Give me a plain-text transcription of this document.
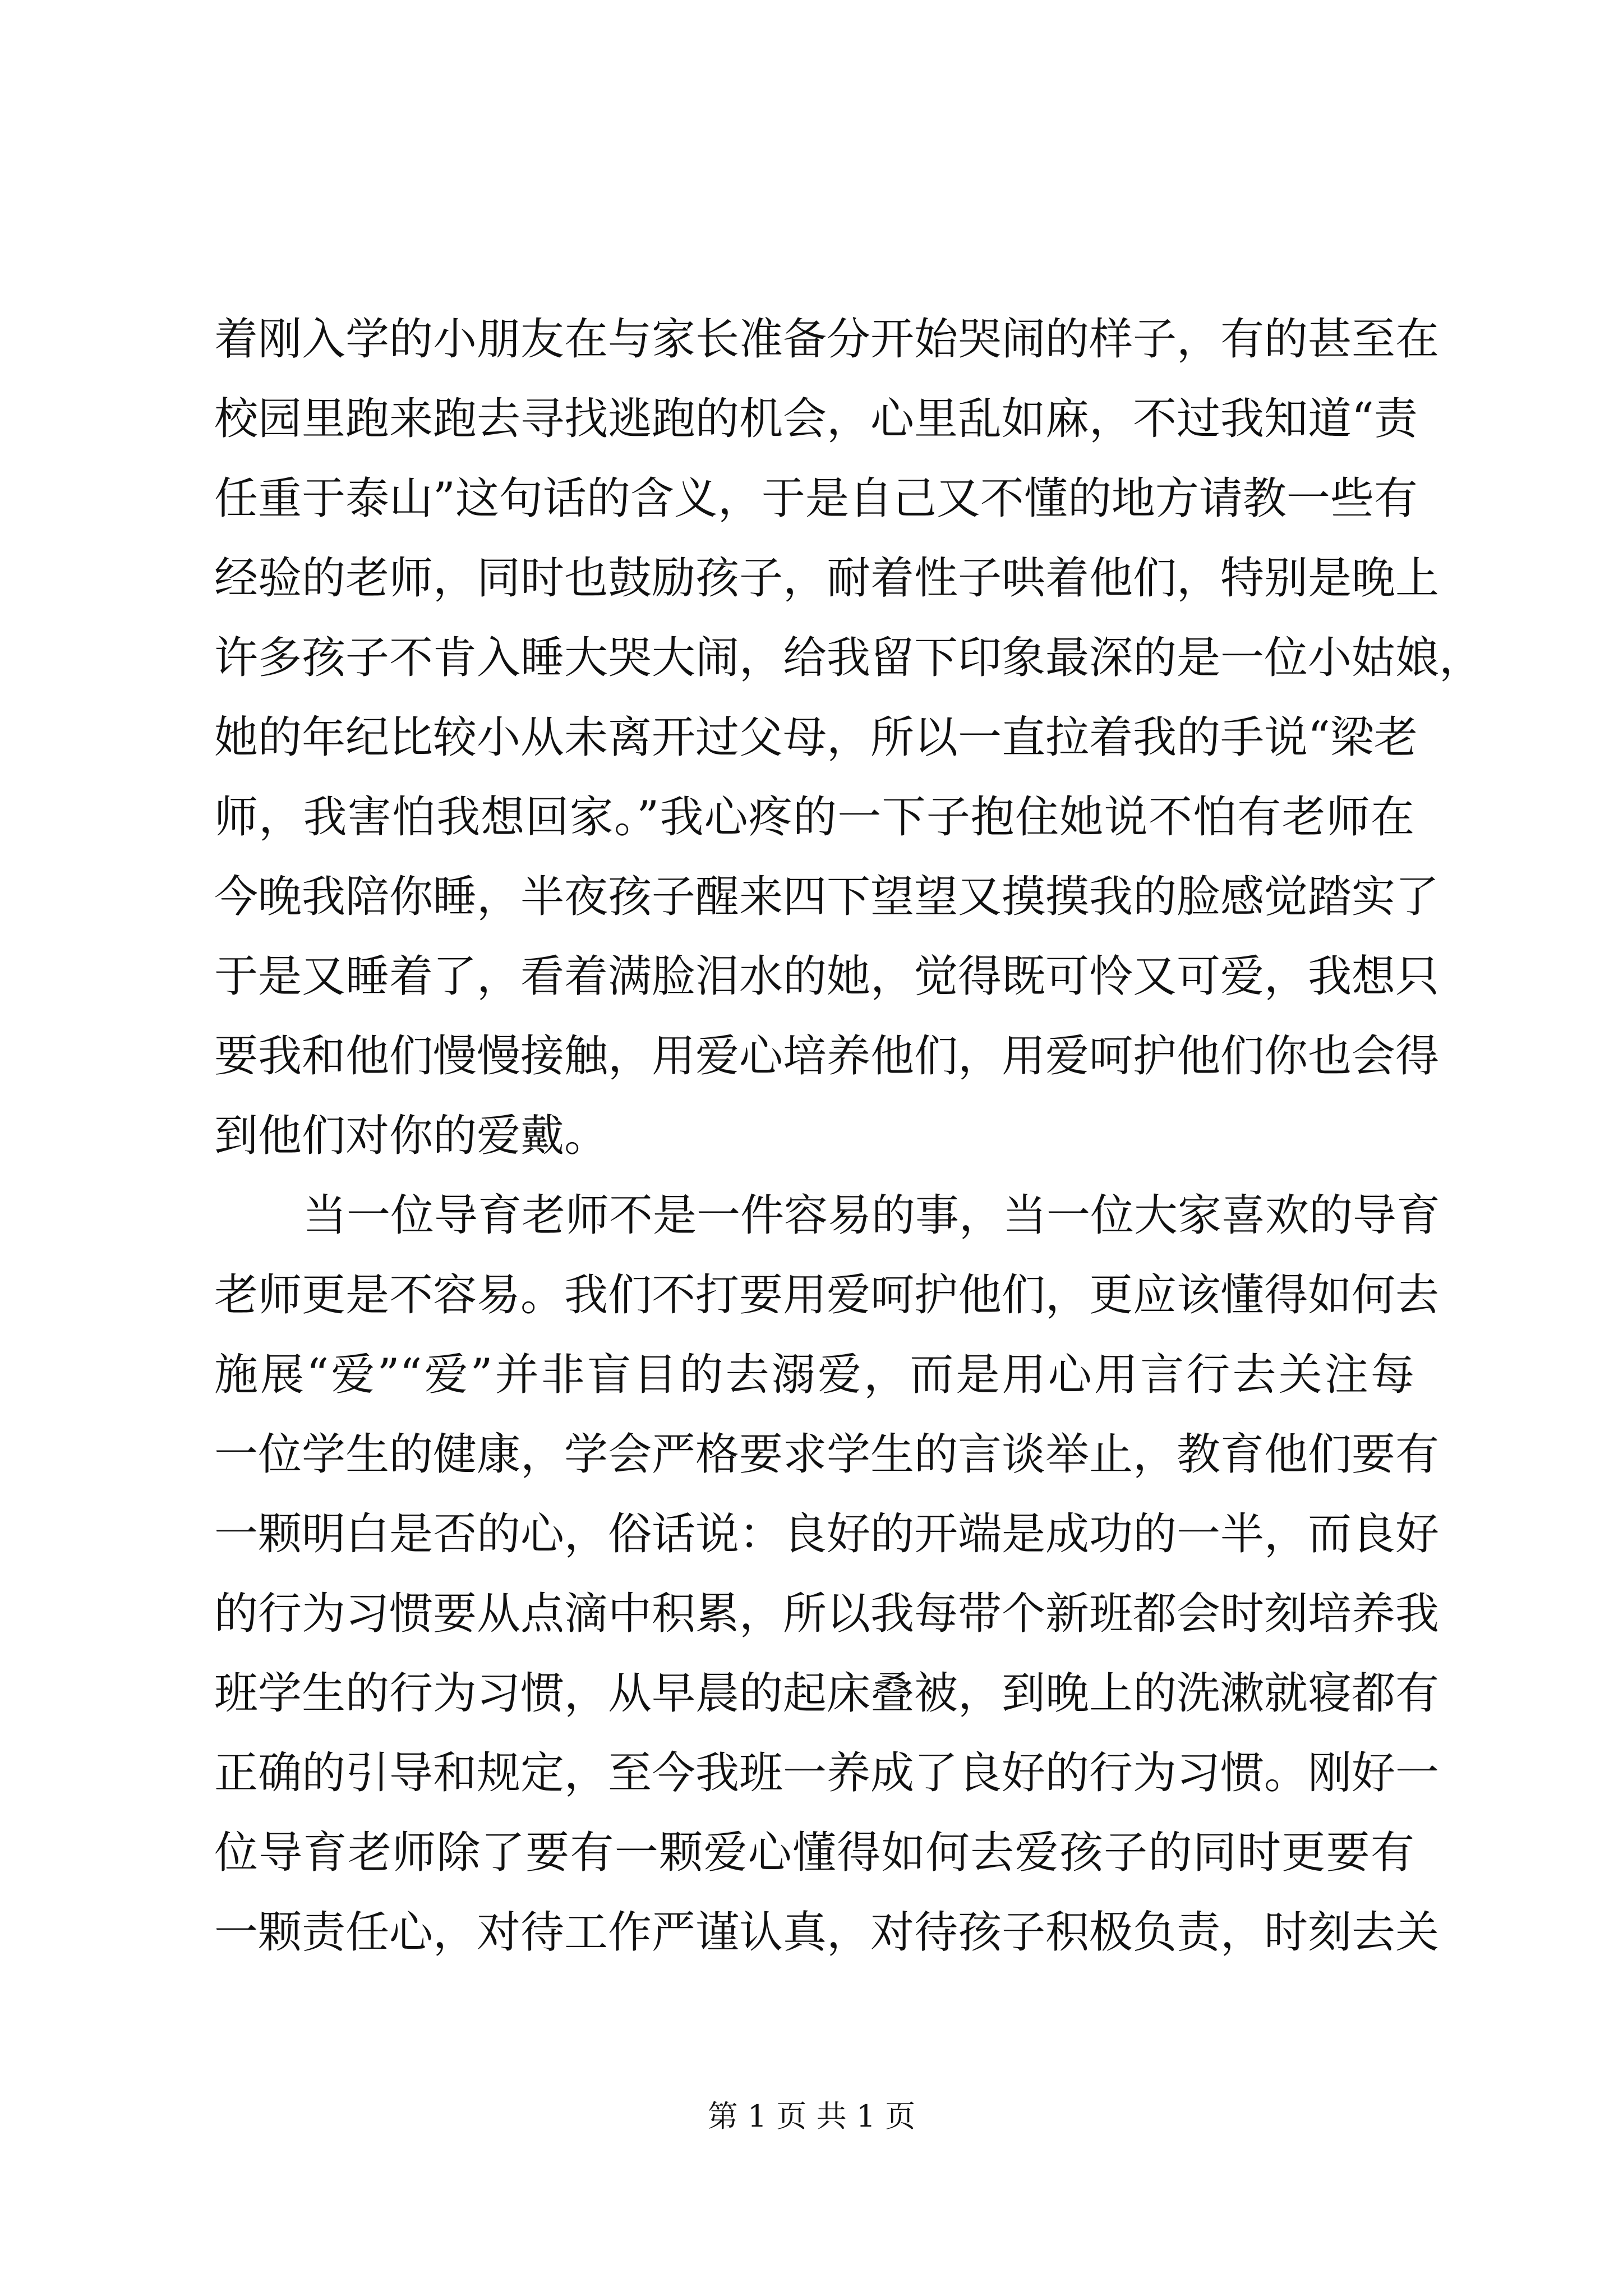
着刚入学的小朋友在与家长准备分开始哭闹的样子，有的甚至在
校园里跑来跑去寻找逃跑的机会，心里乱如麻，不过我知道“责
任重于泰山”这句话的含义，于是自己又不懂的地方请教一些有
经验的老师，同时也鼓励孩子，耐着性子哄着他们，特别是晚上
许多孩子不肯入睡大哭大闹，给我留下印象最深的是一位小姑娘，
她的年纪比较小从未离开过父母，所以一直拉着我的手说“梁老
师，我害怕我想回家。”我心疼的一下子抱住她说不怕有老师在
今晚我陪你睡，半夜孩子醒来四下望望又摸摸我的脸感觉踏实了
于是又睡着了，看着满脸泪水的她，觉得既可怜又可爱，我想只
要我和他们慢慢接触，用爱心培养他们，用爱呵护他们你也会得
到他们对你的爱戴。
当一位导育老师不是一件容易的事，当一位大家喜欢的导育
老师更是不容易。我们不打要用爱呵护他们，更应该懂得如何去
施展“爱”“爱”并非盲目的去溺爱，而是用心用言行去关注每
一位学生的健康，学会严格要求学生的言谈举止，教育他们要有
一颗明白是否的心，俗话说：良好的开端是成功的一半，而良好
的行为习惯要从点滴中积累，所以我每带个新班都会时刻培养我
班学生的行为习惯，从早晨的起床叠被，到晚上的洗漱就寝都有
正确的引导和规定，至今我班一养成了良好的行为习惯。刚好一
位导育老师除了要有一颗爱心懂得如何去爱孩子的同时更要有
一颗责任心，对待工作严谨认真，对待孩子积极负责，时刻去关
第 1 页 共 1 页
